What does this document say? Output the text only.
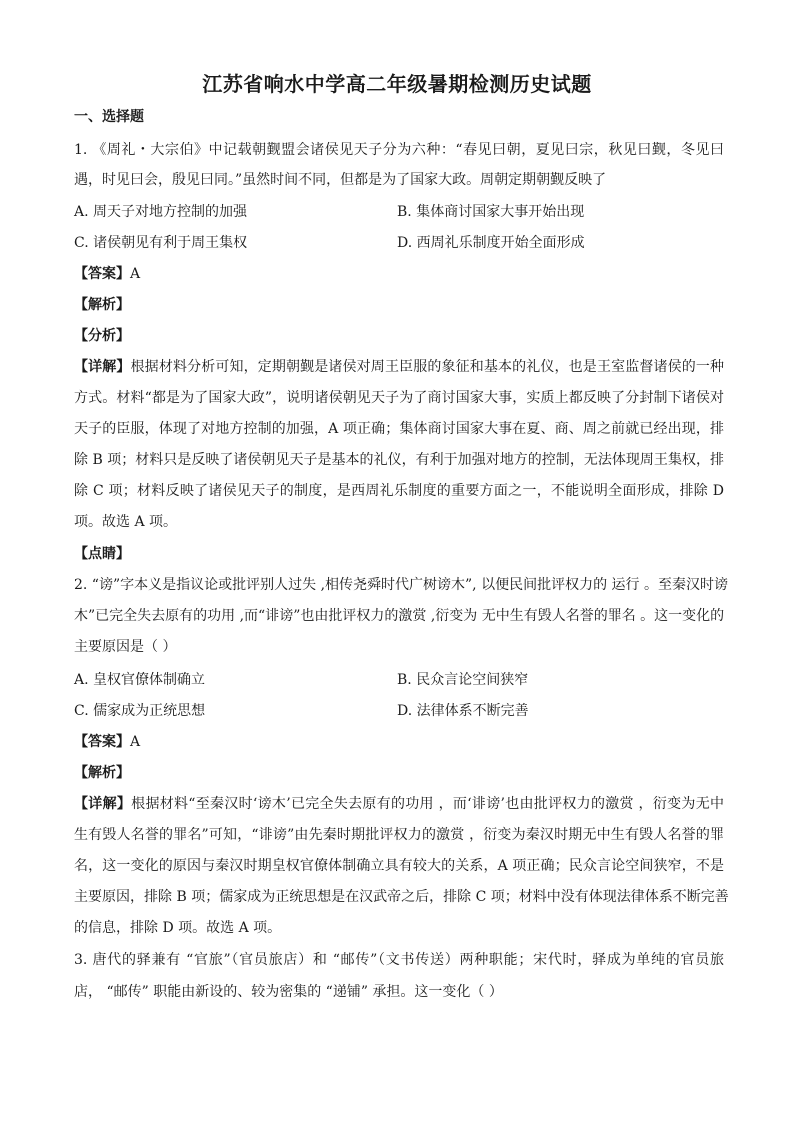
江苏省响水中学高二年级暑期检测历史试题
一、选择题
1. 《周礼・大宗伯》中记载朝觐盟会诸侯见天子分为六种：“春见曰朝，夏见曰宗，秋见曰觐，冬见曰
遇，时见曰会，殷见曰同。”虽然时间不同，但都是为了国家大政。周朝定期朝觐反映了
A. 周天子对地方控制的加强	B. 集体商讨国家大事开始出现
C. 诸侯朝见有利于周王集权	D. 西周礼乐制度开始全面形成
【答案】A
【解析】
【分析】
【详解】根据材料分析可知，定期朝觐是诸侯对周王臣服的象征和基本的礼仪，也是王室监督诸侯的一种
方式。材料“都是为了国家大政”，说明诸侯朝见天子为了商讨国家大事，实质上都反映了分封制下诸侯对
天子的臣服，体现了对地方控制的加强，A 项正确；集体商讨国家大事在夏、商、周之前就已经出现，排
除 B 项；材料只是反映了诸侯朝见天子是基本的礼仪，有利于加强对地方的控制，无法体现周王集权，排
除 C 项；材料反映了诸侯见天子的制度，是西周礼乐制度的重要方面之一，不能说明全面形成，排除 D
项。故选 A 项。
【点睛】
2. “谤”字本义是指议论或批评别人过失 ,相传尧舜时代广树谤木”, 以便民间批评权力的 运行 。至秦汉时谤
木”已完全失去原有的功用 ,而“诽谤”也由批评权力的激赏 ,衍变为 无中生有毁人名誉的罪名 。这一变化的
主要原因是（ ）
A. 皇权官僚体制确立	B. 民众言论空间狭窄
C. 儒家成为正统思想	D. 法律体系不断完善
【答案】A
【解析】
【详解】根据材料“至秦汉时‘谤木’已完全失去原有的功用 ，而‘诽谤’也由批评权力的激赏 ，衍变为无中
生有毁人名誉的罪名”可知，“诽谤”由先秦时期批评权力的激赏 ，衍变为秦汉时期无中生有毁人名誉的罪
名，这一变化的原因与秦汉时期皇权官僚体制确立具有较大的关系，A 项正确；民众言论空间狭窄，不是
主要原因，排除 B 项；儒家成为正统思想是在汉武帝之后，排除 C 项；材料中没有体现法律体系不断完善
的信息，排除 D 项。故选 A 项。
3. 唐代的驿兼有 “官旅”（官员旅店）和 “邮传”（文书传送）两种职能；宋代时，驿成为单纯的官员旅
店， “邮传” 职能由新设的、较为密集的 “递铺” 承担。这一变化（ ）
